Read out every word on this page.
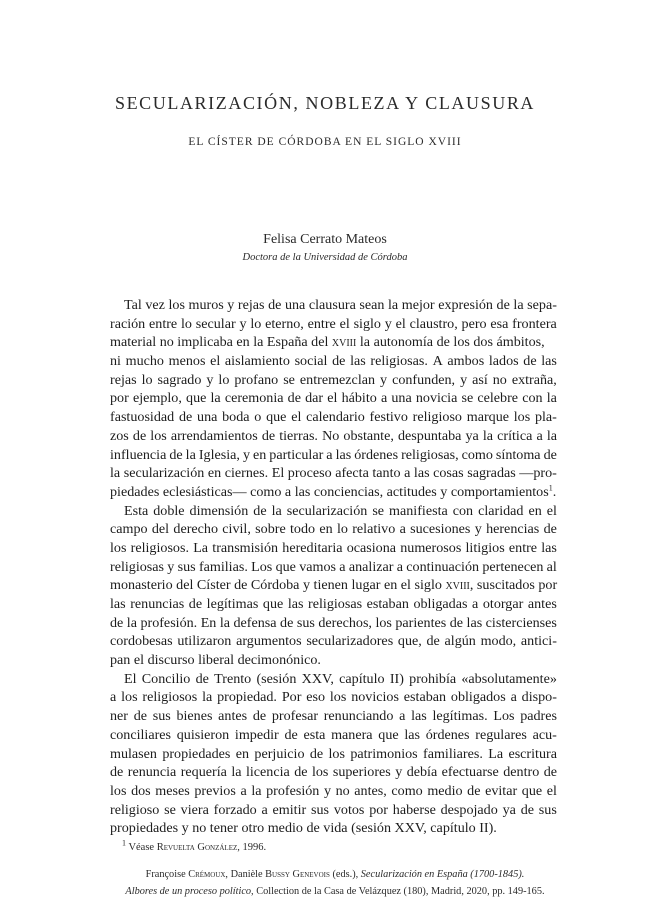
SECULARIZACIÓN, NOBLEZA Y CLAUSURA
EL CÍSTER DE CÓRDOBA EN EL SIGLO XVIII
Felisa Cerrato Mateos
Doctora de la Universidad de Córdoba
Tal vez los muros y rejas de una clausura sean la mejor expresión de la sepa-
ración entre lo secular y lo eterno, entre el siglo y el claustro, pero esa frontera
material no implicaba en la España del xviii la autonomía de los dos ámbitos,
ni mucho menos el aislamiento social de las religiosas. A ambos lados de las
rejas lo sagrado y lo profano se entremezclan y confunden, y así no extraña,
por ejemplo, que la ceremonia de dar el hábito a una novicia se celebre con la
fastuosidad de una boda o que el calendario festivo religioso marque los pla-
zos de los arrendamientos de tierras. No obstante, despuntaba ya la crítica a la
influencia de la Iglesia, y en particular a las órdenes religiosas, como síntoma de
la secularización en ciernes. El proceso afecta tanto a las cosas sagradas —pro-
piedades eclesiásticas— como a las conciencias, actitudes y comportamientos$^1$.
Esta doble dimensión de la secularización se manifiesta con claridad en el
campo del derecho civil, sobre todo en lo relativo a sucesiones y herencias de
los religiosos. La transmisión hereditaria ocasiona numerosos litigios entre las
religiosas y sus familias. Los que vamos a analizar a continuación pertenecen al
monasterio del Císter de Córdoba y tienen lugar en el siglo xviii, suscitados por
las renuncias de legítimas que las religiosas estaban obligadas a otorgar antes
de la profesión. En la defensa de sus derechos, los parientes de las cistercienses
cordobesas utilizaron argumentos secularizadores que, de algún modo, antici-
pan el discurso liberal decimonónico.
El Concilio de Trento (sesión XXV, capítulo II) prohibía «absolutamente»
a los religiosos la propiedad. Por eso los novicios estaban obligados a dispo-
ner de sus bienes antes de profesar renunciando a las legítimas. Los padres
conciliares quisieron impedir de esta manera que las órdenes regulares acu-
mulasen propiedades en perjuicio de los patrimonios familiares. La escritura
de renuncia requería la licencia de los superiores y debía efectuarse dentro de
los dos meses previos a la profesión y no antes, como medio de evitar que el
religioso se viera forzado a emitir sus votos por haberse despojado ya de sus
propiedades y no tener otro medio de vida (sesión XXV, capítulo II).
$^1$ Véase Revuelta González, 1996.
Françoise Crémoux, Danièle Bussy Genevois (eds.), Secularización en España (1700-1845).
Albores de un proceso político, Collection de la Casa de Velázquez (180), Madrid, 2020, pp. 149-165.
